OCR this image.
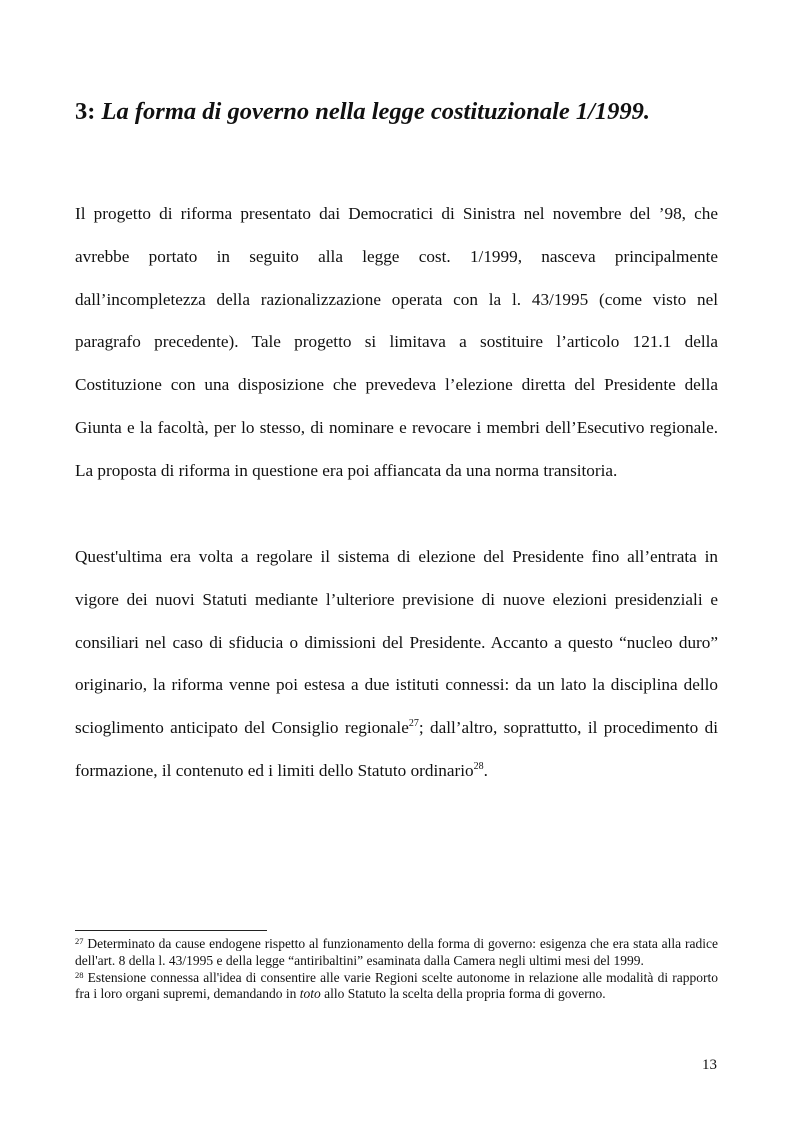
3: La forma di governo nella legge costituzionale 1/1999.

Il progetto di riforma presentato dai Democratici di Sinistra nel novembre del ’98, che avrebbe portato in seguito alla legge cost. 1/1999, nasceva principalmente dall’incompletezza della razionalizzazione operata con la l. 43/1995 (come visto nel paragrafo precedente). Tale progetto si limitava a sostituire l’articolo 121.1 della Costituzione con una disposizione che prevedeva l’elezione diretta del Presidente della Giunta e la facoltà, per lo stesso, di nominare e revocare i membri dell’Esecutivo regionale. La proposta di riforma in questione era poi affiancata da una norma transitoria.

Quest'ultima era volta a regolare il sistema di elezione del Presidente fino all’entrata in vigore dei nuovi Statuti mediante l’ulteriore previsione di nuove elezioni presidenziali e consiliari nel caso di sfiducia o dimissioni del Presidente. Accanto a questo “nucleo duro” originario, la riforma venne poi estesa a due istituti connessi: da un lato la disciplina dello scioglimento anticipato del Consiglio regionale$^{27}$; dall’altro, soprattutto, il procedimento di formazione, il contenuto ed i limiti dello Statuto ordinario$^{28}$.

$^{27}$ Determinato da cause endogene rispetto al funzionamento della forma di governo: esigenza che era stata alla radice dell'art. 8 della l. 43/1995 e della legge “antiribaltini” esaminata dalla Camera negli ultimi mesi del 1999.

$^{28}$ Estensione connessa all'idea di consentire alle varie Regioni scelte autonome in relazione alle modalità di rapporto fra i loro organi supremi, demandando in toto allo Statuto la scelta della propria forma di governo.

13
